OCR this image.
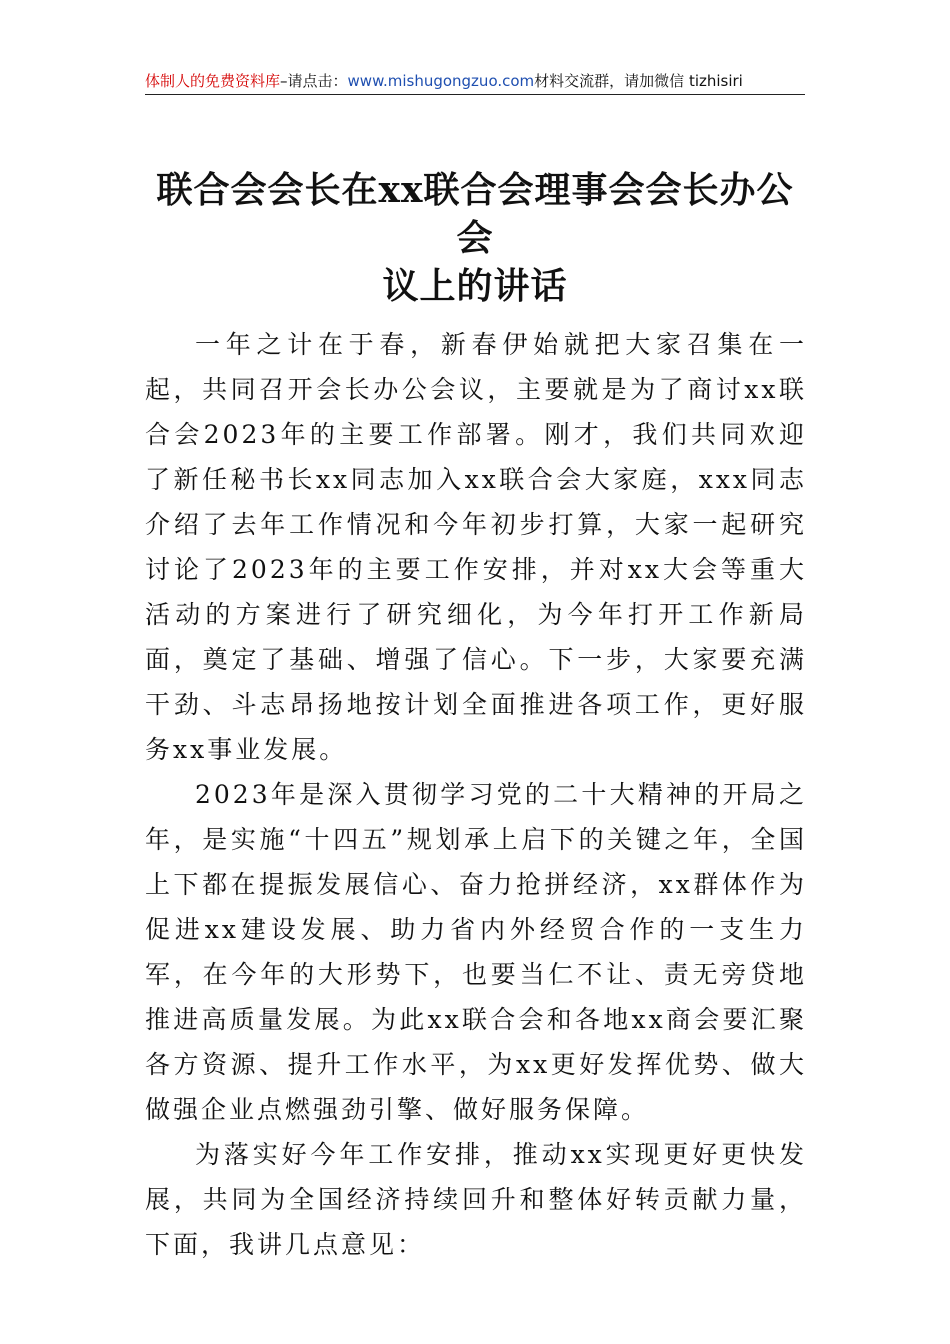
体制人的免费资料库–请点击：www.mishugongzuo.com材料交流群，请加微信 tizhisiri
联合会会长在xx联合会理事会会长办公会
议上的讲话

一年之计在于春，新春伊始就把大家召集在一起，共同召开会长办公会议，主要就是为了商讨xx联合会2023年的主要工作部署。刚才，我们共同欢迎了新任秘书长xx同志加入xx联合会大家庭，xxx同志介绍了去年工作情况和今年初步打算，大家一起研究讨论了2023年的主要工作安排，并对xx大会等重大活动的方案进行了研究细化，为今年打开工作新局面，奠定了基础、增强了信心。下一步，大家要充满干劲、斗志昂扬地按计划全面推进各项工作，更好服务xx事业发展。

2023年是深入贯彻学习党的二十大精神的开局之年，是实施“十四五”规划承上启下的关键之年，全国上下都在提振发展信心、奋力抢拼经济，xx群体作为促进xx建设发展、助力省内外经贸合作的一支生力军，在今年的大形势下，也要当仁不让、责无旁贷地推进高质量发展。为此xx联合会和各地xx商会要汇聚各方资源、提升工作水平，为xx更好发挥优势、做大做强企业点燃强劲引擎、做好服务保障。

为落实好今年工作安排，推动xx实现更好更快发展，共同为全国经济持续回升和整体好转贡献力量，下面，我讲几点意见：
